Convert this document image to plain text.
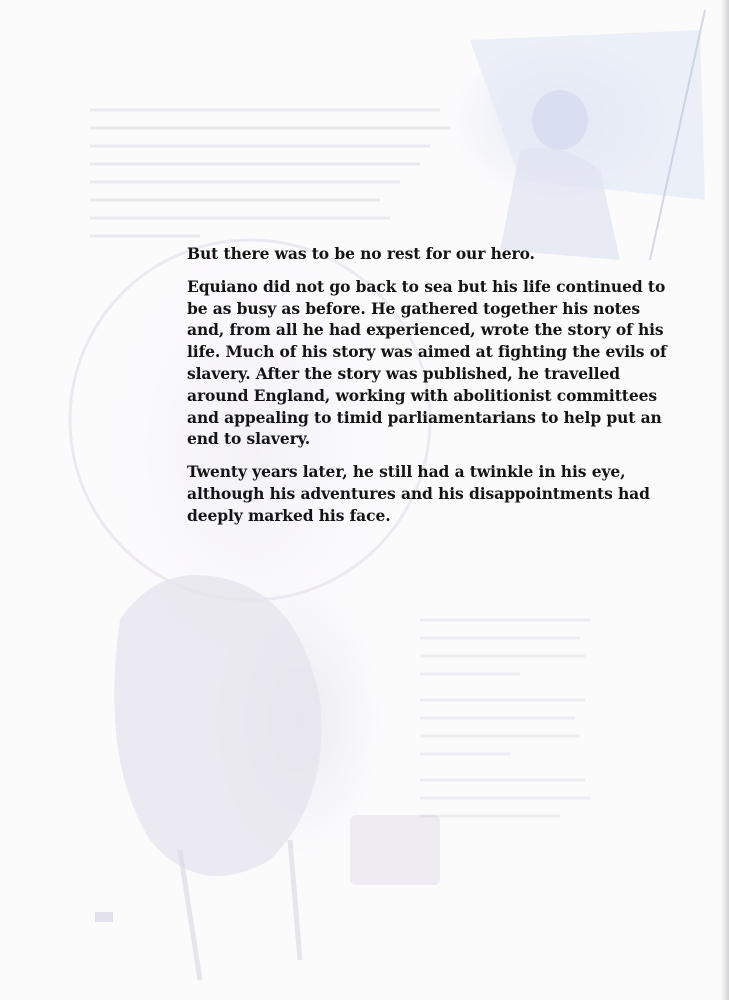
But there was to be no rest for our hero.

Equiano did not go back to sea but his life continued to be as busy as before. He gathered together his notes and, from all he had experienced, wrote the story of his life. Much of his story was aimed at fighting the evils of slavery. After the story was published, he travelled around England, working with abolitionist committees and appealing to timid parliamentarians to help put an end to slavery.

Twenty years later, he still had a twinkle in his eye, although his adventures and his disappointments had deeply marked his face.
